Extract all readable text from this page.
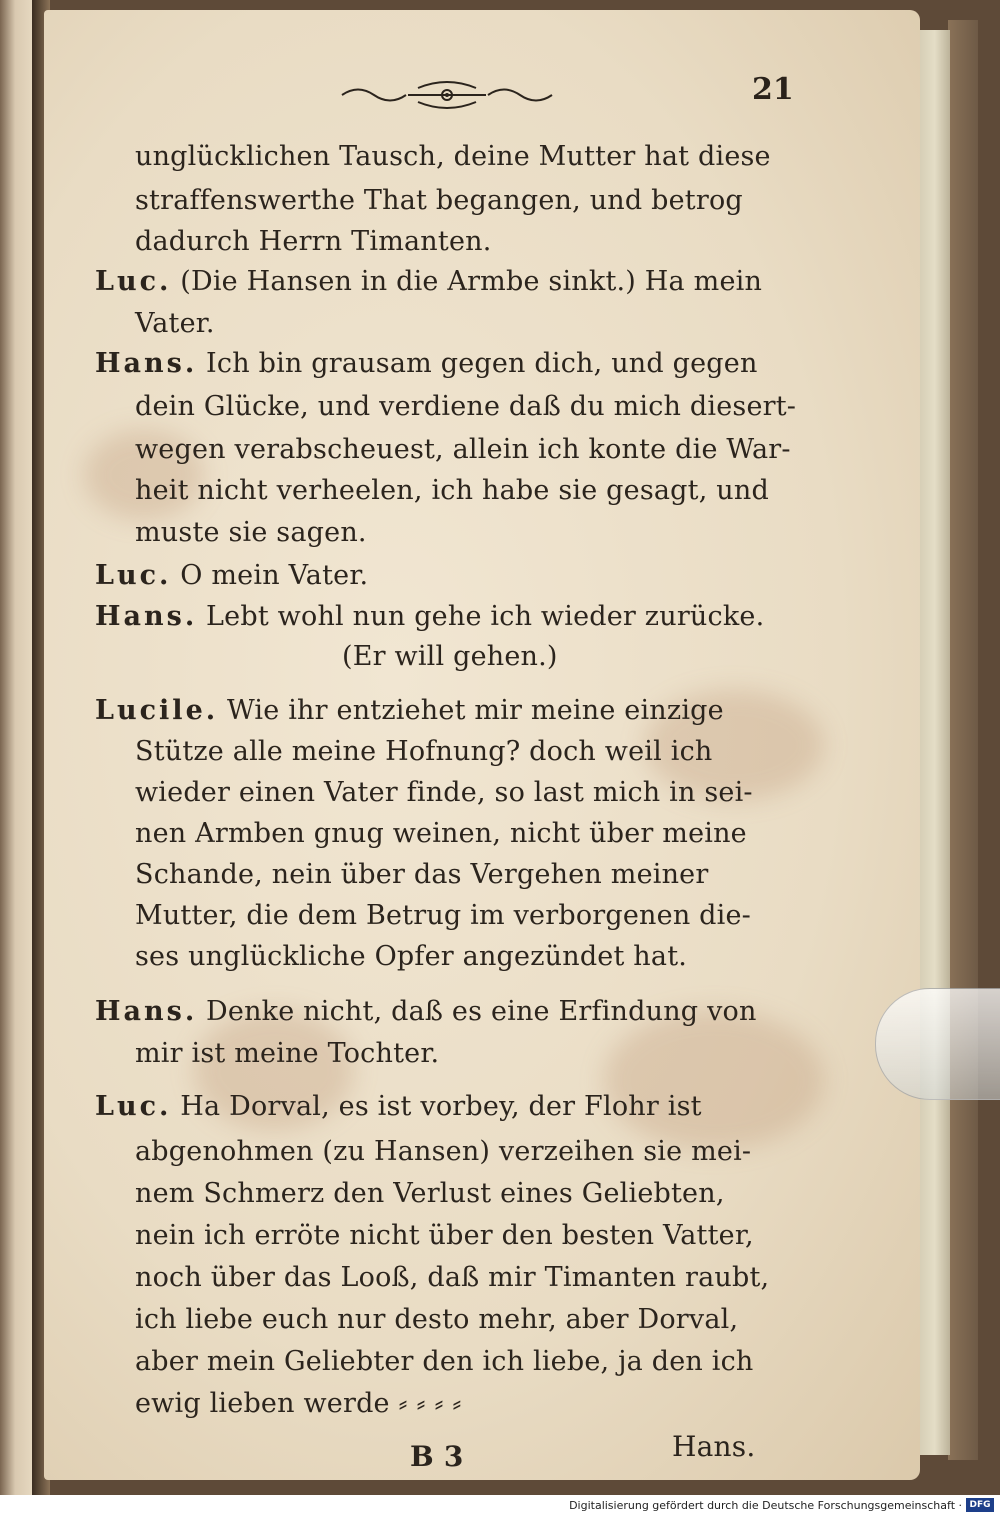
21
unglücklichen Tausch, deine Mutter hat diese
straffenswerthe That begangen, und betrog
dadurch Herrn Timanten.
Luc. (Die Hansen in die Armbe sinkt.) Ha mein
Vater.
Hans. Ich bin grausam gegen dich, und gegen
dein Glücke, und verdiene daß du mich diesert-
wegen verabscheuest, allein ich konte die War-
heit nicht verheelen, ich habe sie gesagt, und
muste sie sagen.
Luc. O mein Vater.
Hans. Lebt wohl nun gehe ich wieder zurücke.
(Er will gehen.)
Lucile. Wie ihr entziehet mir meine einzige
Stütze alle meine Hofnung? doch weil ich
wieder einen Vater finde, so last mich in sei-
nen Armben gnug weinen, nicht über meine
Schande, nein über das Vergehen meiner
Mutter, die dem Betrug im verborgenen die-
ses unglückliche Opfer angezündet hat.
Hans. Denke nicht, daß es eine Erfindung von
mir ist meine Tochter.
Luc. Ha Dorval, es ist vorbey, der Flohr ist
abgenohmen (zu Hansen) verzeihen sie mei-
nem Schmerz den Verlust eines Geliebten,
nein ich erröte nicht über den besten Vatter,
noch über das Looß, daß mir Timanten raubt,
ich liebe euch nur desto mehr, aber Dorval,
aber mein Geliebter den ich liebe, ja den ich
ewig lieben werde ⸗ ⸗ ⸗ ⸗
B 3	Hans.
Digitalisierung gefördert durch die Deutsche Forschungsgemeinschaft · DFG
